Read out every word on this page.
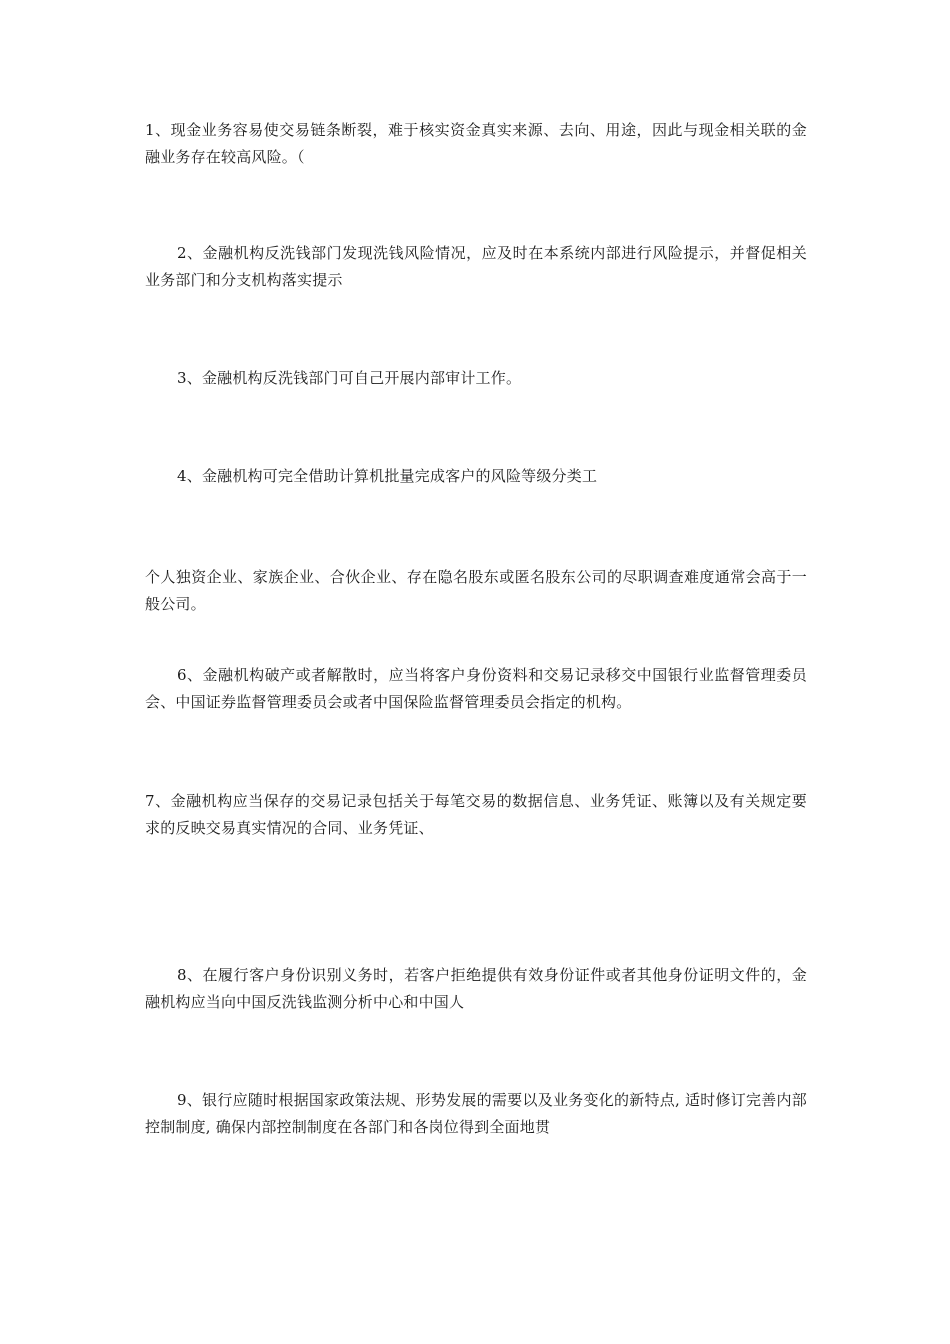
1、现金业务容易使交易链条断裂，难于核实资金真实来源、去向、用途，因此与现金相关联的金融业务存在较高风险。（

2、金融机构反洗钱部门发现洗钱风险情况，应及时在本系统内部进行风险提示，并督促相关业务部门和分支机构落实提示

3、金融机构反洗钱部门可自己开展内部审计工作。

4、金融机构可完全借助计算机批量完成客户的风险等级分类工

个人独资企业、家族企业、合伙企业、存在隐名股东或匿名股东公司的尽职调查难度通常会高于一般公司。

6、金融机构破产或者解散时，应当将客户身份资料和交易记录移交中国银行业监督管理委员会、中国证券监督管理委员会或者中国保险监督管理委员会指定的机构。

7、金融机构应当保存的交易记录包括关于每笔交易的数据信息、业务凭证、账簿以及有关规定要求的反映交易真实情况的合同、业务凭证、

8、在履行客户身份识别义务时，若客户拒绝提供有效身份证件或者其他身份证明文件的，金融机构应当向中国反洗钱监测分析中心和中国人

9、银行应随时根据国家政策法规、形势发展的需要以及业务变化的新特点, 适时修订完善内部控制制度, 确保内部控制制度在各部门和各岗位得到全面地贯
